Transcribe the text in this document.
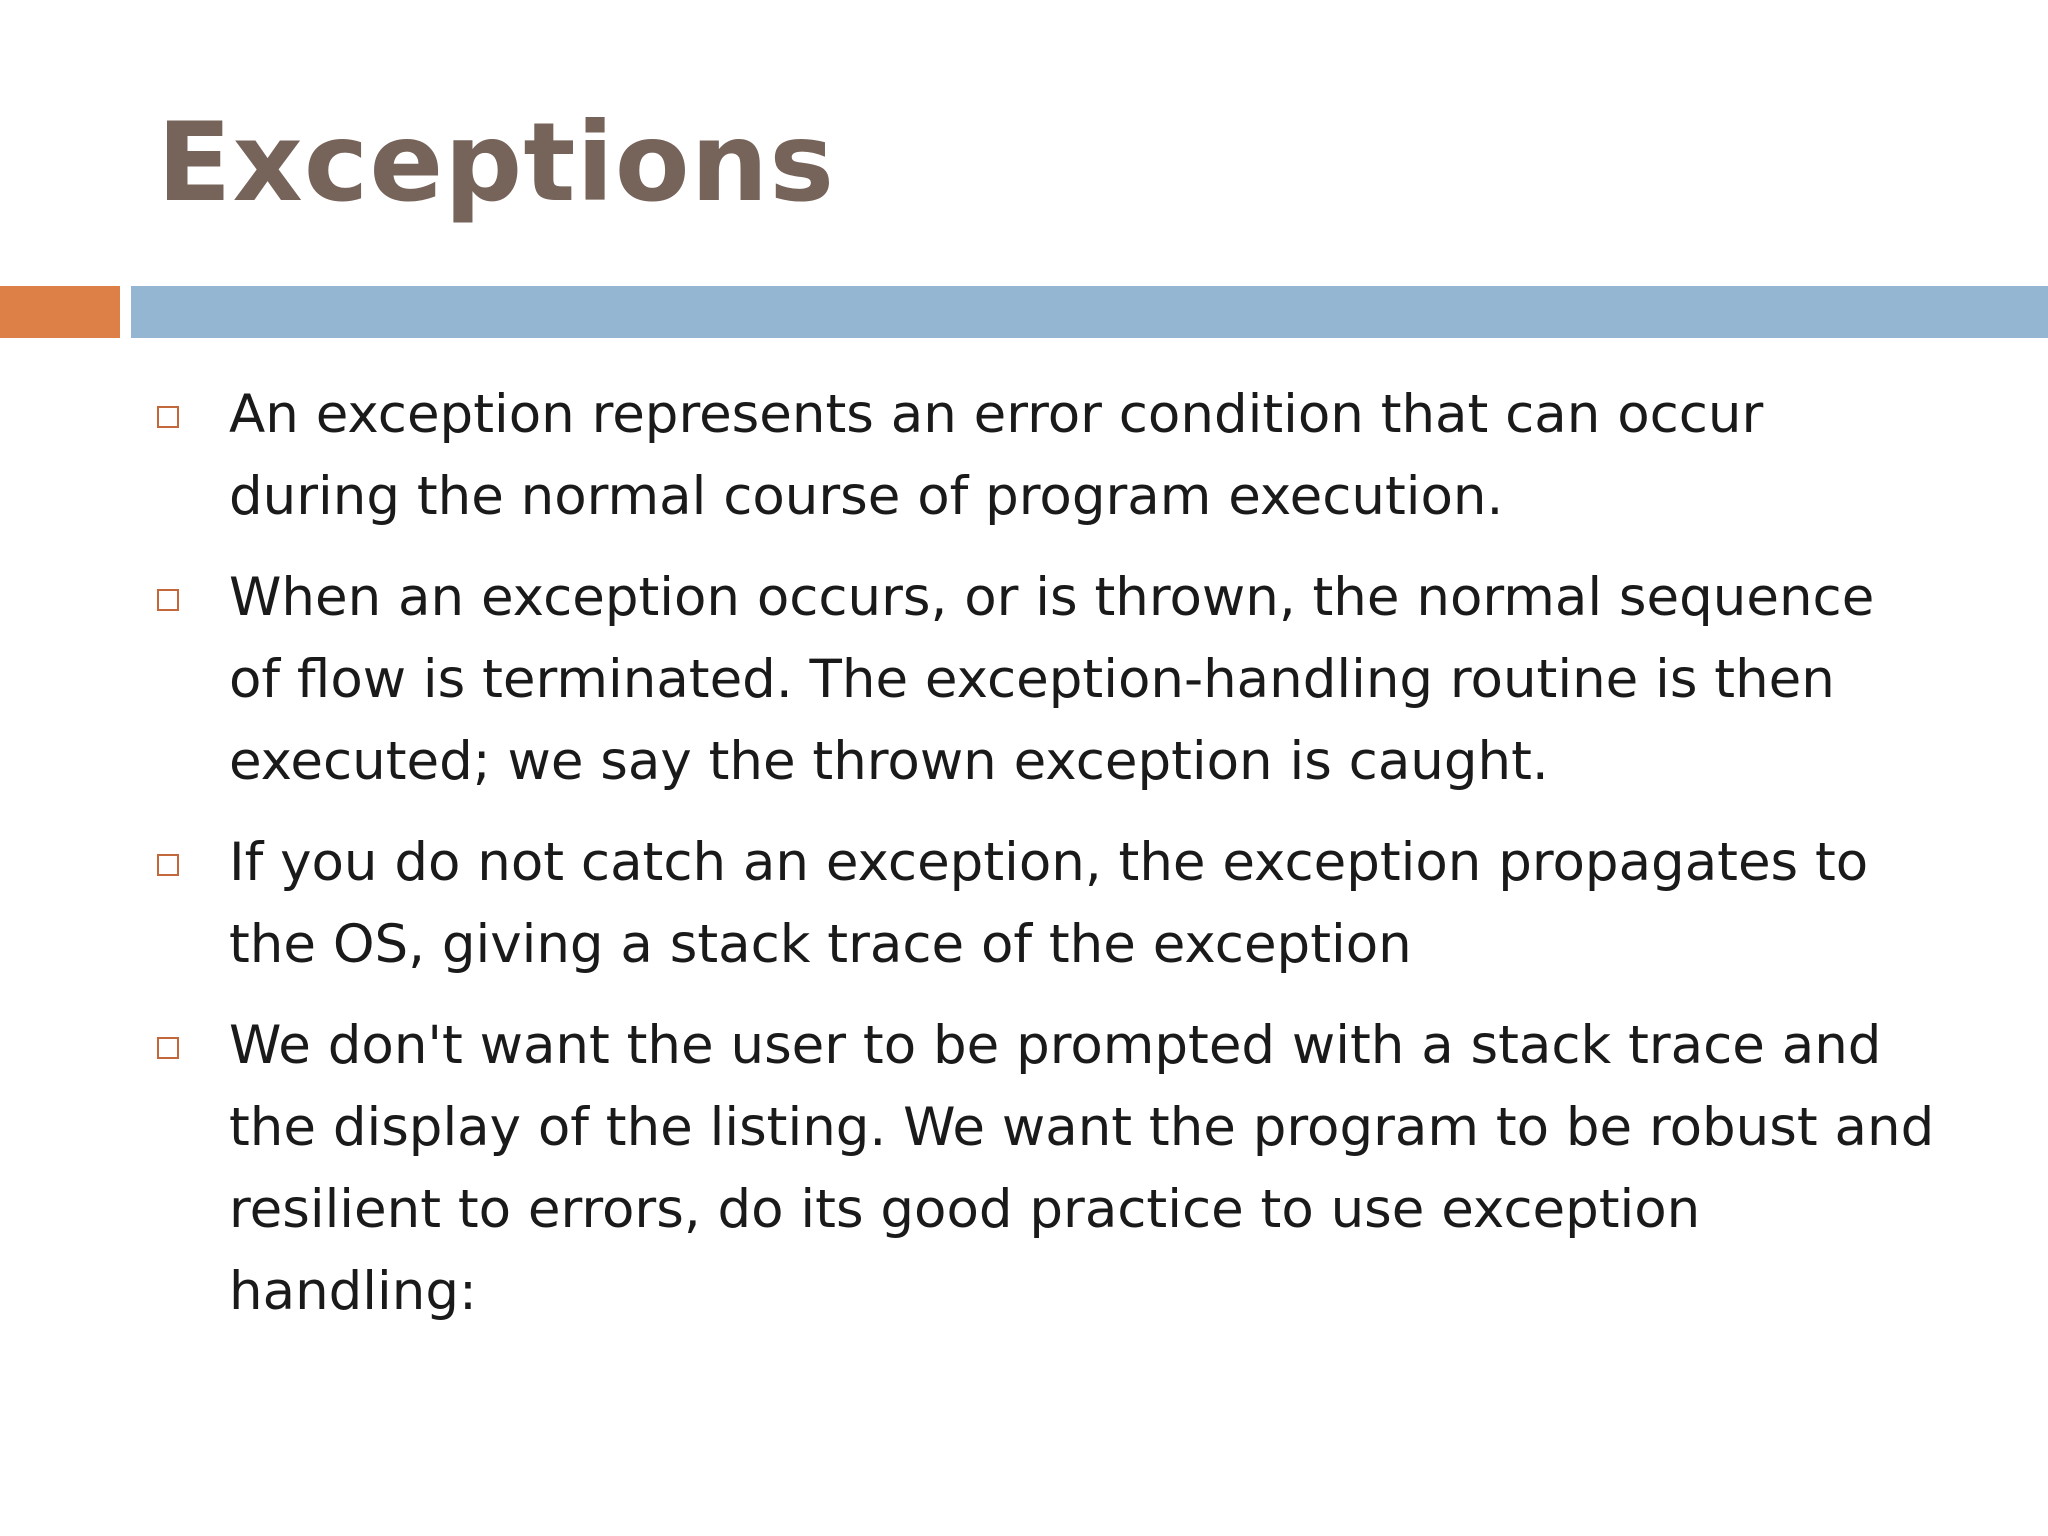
Exceptions
An exception represents an error condition that can occur during the normal course of program execution.
When an exception occurs, or is thrown, the normal sequence of flow is terminated. The exception-handling routine is then executed; we say the thrown exception is caught.
If you do not catch an exception, the exception propagates to the OS, giving a stack trace of the exception
We don't want the user to be prompted with a stack trace and the display of the listing. We want the program to be robust and resilient to errors, do its good practice to use exception handling:
